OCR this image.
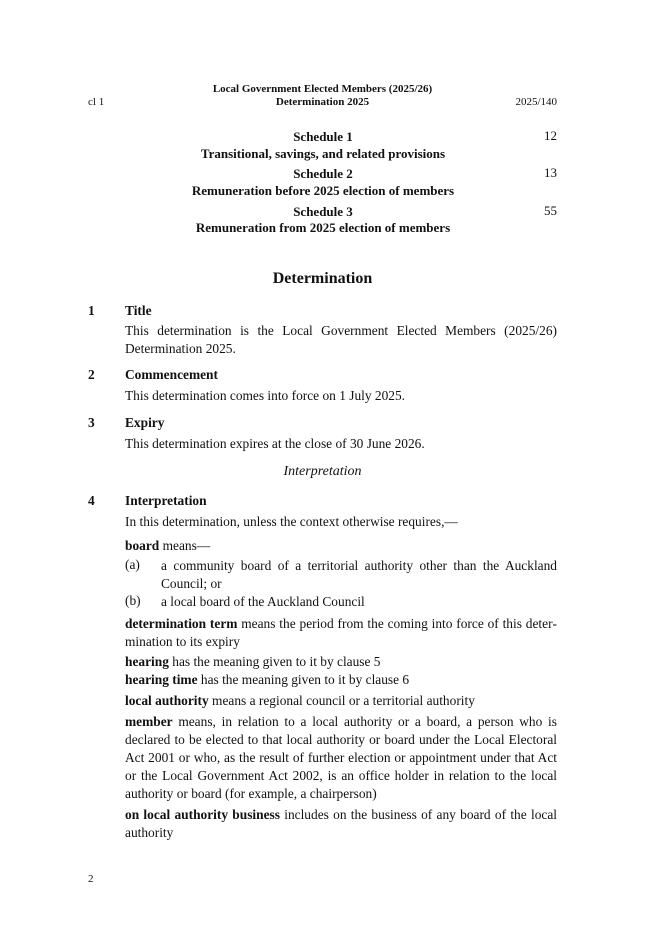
Local Government Elected Members (2025/26)
Determination 2025
cl 1	2025/140
Schedule 1	12
Transitional, savings, and related provisions
Schedule 2	13
Remuneration before 2025 election of members
Schedule 3	55
Remuneration from 2025 election of members
Determination
1 Title
This determination is the Local Government Elected Members (2025/26) Determination 2025.
2 Commencement
This determination comes into force on 1 July 2025.
3 Expiry
This determination expires at the close of 30 June 2026.
Interpretation
4 Interpretation
In this determination, unless the context otherwise requires,—
board means—
(a) a community board of a territorial authority other than the Auckland Council; or
(b) a local board of the Auckland Council
determination term means the period from the coming into force of this determination to its expiry
hearing has the meaning given to it by clause 5
hearing time has the meaning given to it by clause 6
local authority means a regional council or a territorial authority
member means, in relation to a local authority or a board, a person who is declared to be elected to that local authority or board under the Local Electoral Act 2001 or who, as the result of further election or appointment under that Act or the Local Government Act 2002, is an office holder in relation to the local authority or board (for example, a chairperson)
on local authority business includes on the business of any board of the local authority
2
